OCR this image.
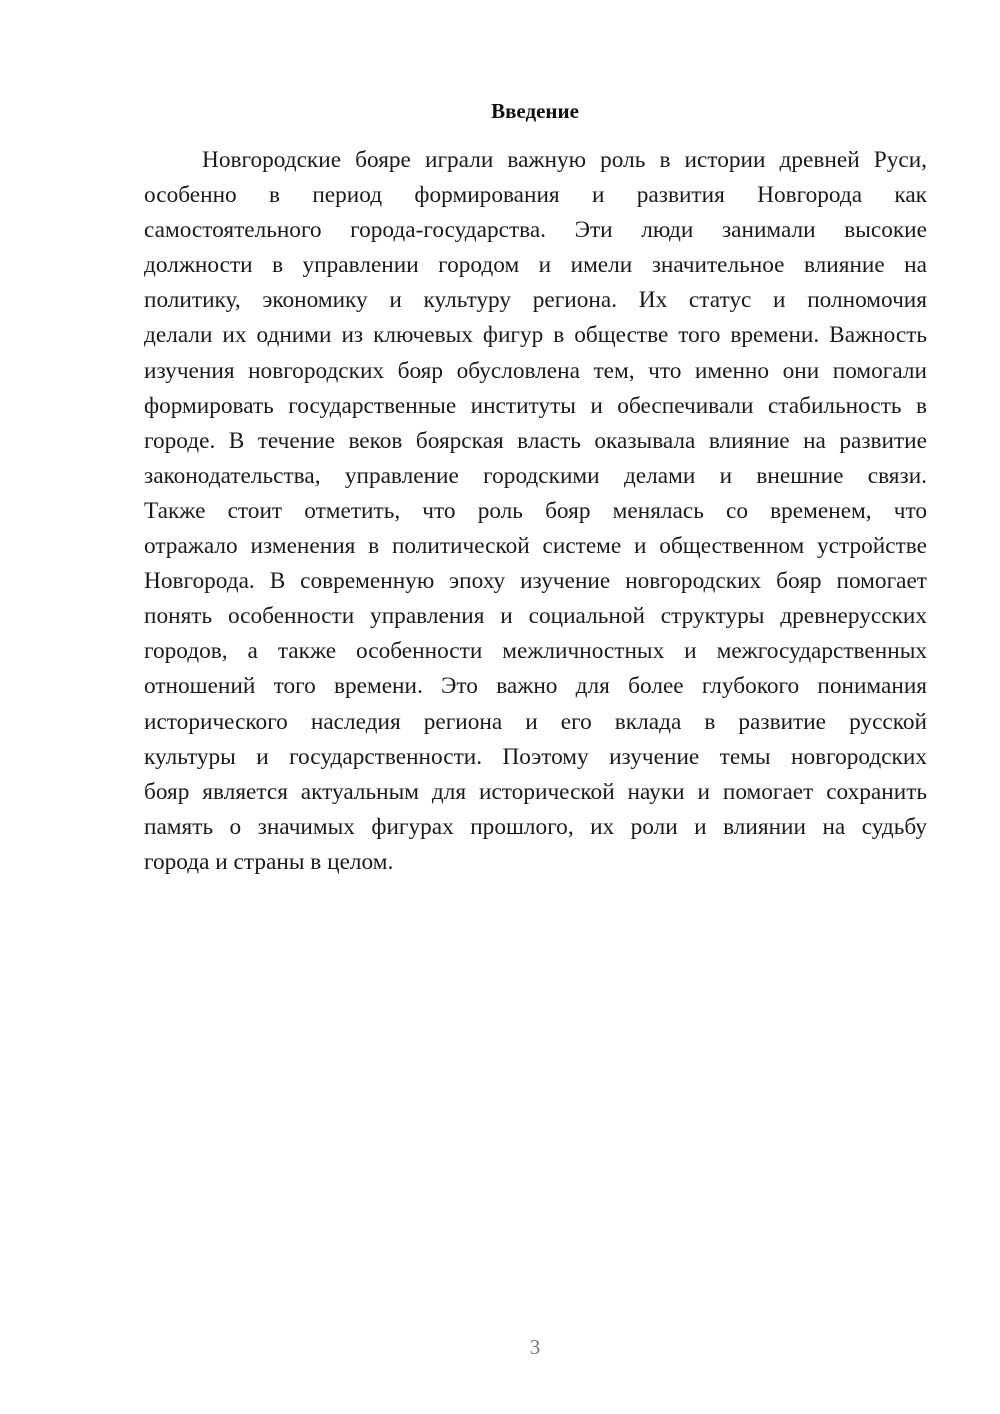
Введение
Новгородские бояре играли важную роль в истории древней Руси,
особенно в период формирования и развития Новгорода как
самостоятельного города-государства. Эти люди занимали высокие
должности в управлении городом и имели значительное влияние на
политику, экономику и культуру региона. Их статус и полномочия
делали их одними из ключевых фигур в обществе того времени. Важность
изучения новгородских бояр обусловлена тем, что именно они помогали
формировать государственные институты и обеспечивали стабильность в
городе. В течение веков боярская власть оказывала влияние на развитие
законодательства, управление городскими делами и внешние связи.
Также стоит отметить, что роль бояр менялась со временем, что
отражало изменения в политической системе и общественном устройстве
Новгорода. В современную эпоху изучение новгородских бояр помогает
понять особенности управления и социальной структуры древнерусских
городов, а также особенности межличностных и межгосударственных
отношений того времени. Это важно для более глубокого понимания
исторического наследия региона и его вклада в развитие русской
культуры и государственности. Поэтому изучение темы новгородских
бояр является актуальным для исторической науки и помогает сохранить
память о значимых фигурах прошлого, их роли и влиянии на судьбу
города и страны в целом.
3
